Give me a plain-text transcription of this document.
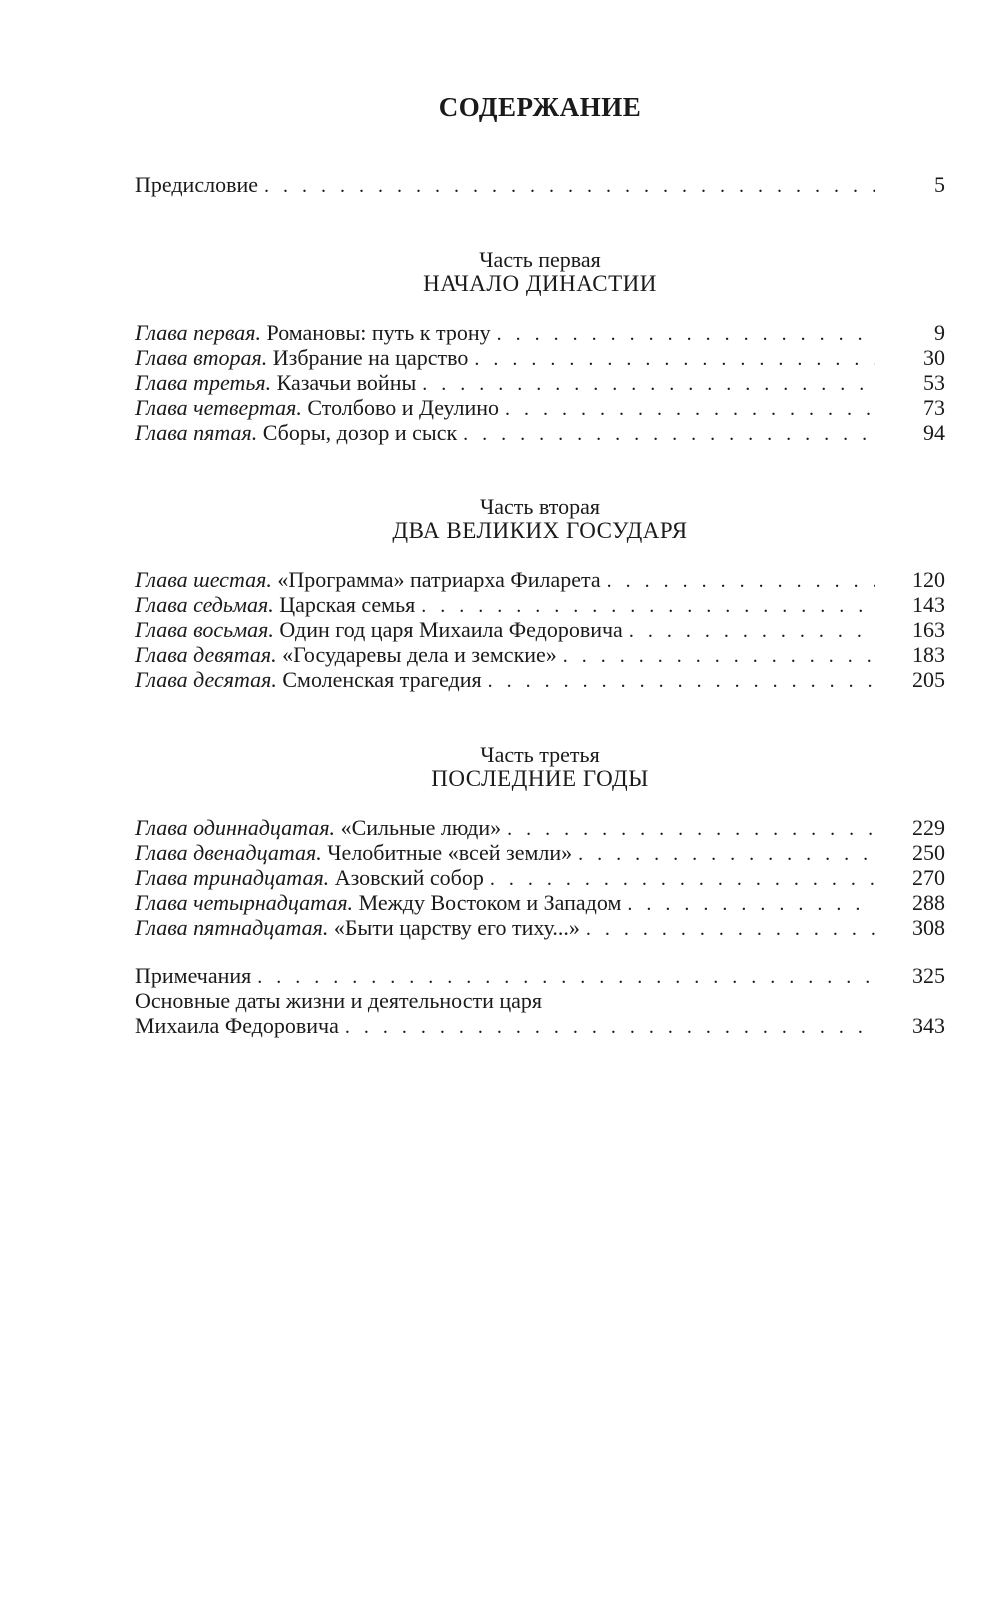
СОДЕРЖАНИЕ
Предисловие . . .	5
Часть первая
НАЧАЛО ДИНАСТИИ
Глава первая. Романовы: путь к трону . . .	9
Глава вторая. Избрание на царство . . .	30
Глава третья. Казачьи войны . . .	53
Глава четвертая. Столбово и Деулино . . .	73
Глава пятая. Сборы, дозор и сыск . . .	94
Часть вторая
ДВА ВЕЛИКИХ ГОСУДАРЯ
Глава шестая. «Программа» патриарха Филарета . . .	120
Глава седьмая. Царская семья . . .	143
Глава восьмая. Один год царя Михаила Федоровича . . .	163
Глава девятая. «Государевы дела и земские» . . .	183
Глава десятая. Смоленская трагедия . . .	205
Часть третья
ПОСЛЕДНИЕ ГОДЫ
Глава одиннадцатая. «Сильные люди» . . .	229
Глава двенадцатая. Челобитные «всей земли» . . .	250
Глава тринадцатая. Азовский собор . . .	270
Глава четырнадцатая. Между Востоком и Западом . . .	288
Глава пятнадцатая. «Быти царству его тиху...» . . .	308
Примечания . . .	325
Основные даты жизни и деятельности царя
Михаила Федоровича . . .	343
